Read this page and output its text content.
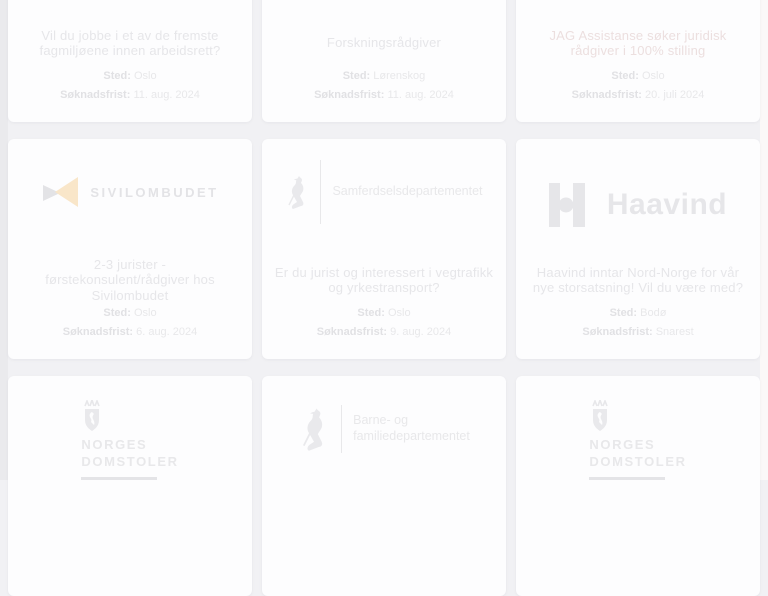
Vil du jobbe i et av de fremste fagmiljøene innen arbeidsrett?

Sted: Oslo

Søknadsfrist: 11. aug. 2024

Forskningsrådgiver

Sted: Lørenskog

Søknadsfrist: 11. aug. 2024

JAG Assistanse søker juridisk rådgiver i 100% stilling

Sted: Oslo

Søknadsfrist: 20. juli 2024

SIVILOMBUDET
2-3 jurister - førstekonsulent/rådgiver hos Sivilombudet

Sted: Oslo

Søknadsfrist: 6. aug. 2024

Samferdselsdepartementet
Er du jurist og interessert i vegtrafikk og yrkestransport?

Sted: Oslo

Søknadsfrist: 9. aug. 2024

Haavind
Haavind inntar Nord-Norge for vår nye storsatsning! Vil du være med?

Sted: Bodø

Søknadsfrist: Snarest

NORGES
DOMSTOLER
Barne- og
familiedepartementet
NORGES
DOMSTOLER
